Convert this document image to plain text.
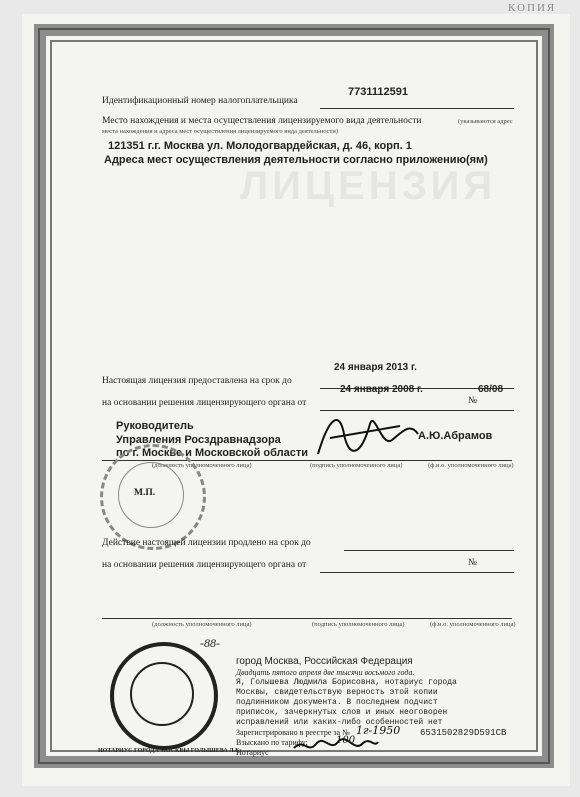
ЛИЦЕНЗИЯ
КОПИЯ
7731112591
Идентификационный номер налогоплательщика
Место нахождения и места осуществления лицензируемого вида деятельности	(указываются адрес
места нахождения и адреса мест осуществления лицензируемого вида деятельности)
121351 г.г. Москва ул. Молодогвардейская, д. 46, корп. 1
Адреса мест осуществления деятельности согласно приложению(ям)
24 января 2013 г.
Настоящая лицензия предоставлена на срок до
24 января 2008 г.	68/08
на основании решения лицензирующего органа от	№
Руководитель
Управления Росздравнадзора
по г. Москве и Московской области
А.Ю.Абрамов
(должность уполномоченного лица)	(подпись уполномоченного лица)	(ф.и.о. уполномоченного лица)
М.П.
Действие настоящей лицензии продлено на срок до
на основании решения лицензирующего органа от	№
(должность уполномоченного лица)	(подпись уполномоченного лица)	(ф.и.о. уполномоченного лица)
-88-
НОТАРИУС ГОРОДА МОСКВЫ ГОЛЫШЕВА Л.Б.
город Москва, Российская Федерация
Двадцать пятого апреля две тысячи восьмого года.
Я, Голышева Людмила Борисовна, нотариус города
Москвы, свидетельствую верность этой копии
подлинником документа. В последнем подчист
приписок, зачеркнутых слов и иных неоговорен
исправлений или каких-либо особенностей нет
Зарегистрировано в реестре за № 1г-1950 6531502829D591CB
Взыскано по тарифу:	100
Нотариус
